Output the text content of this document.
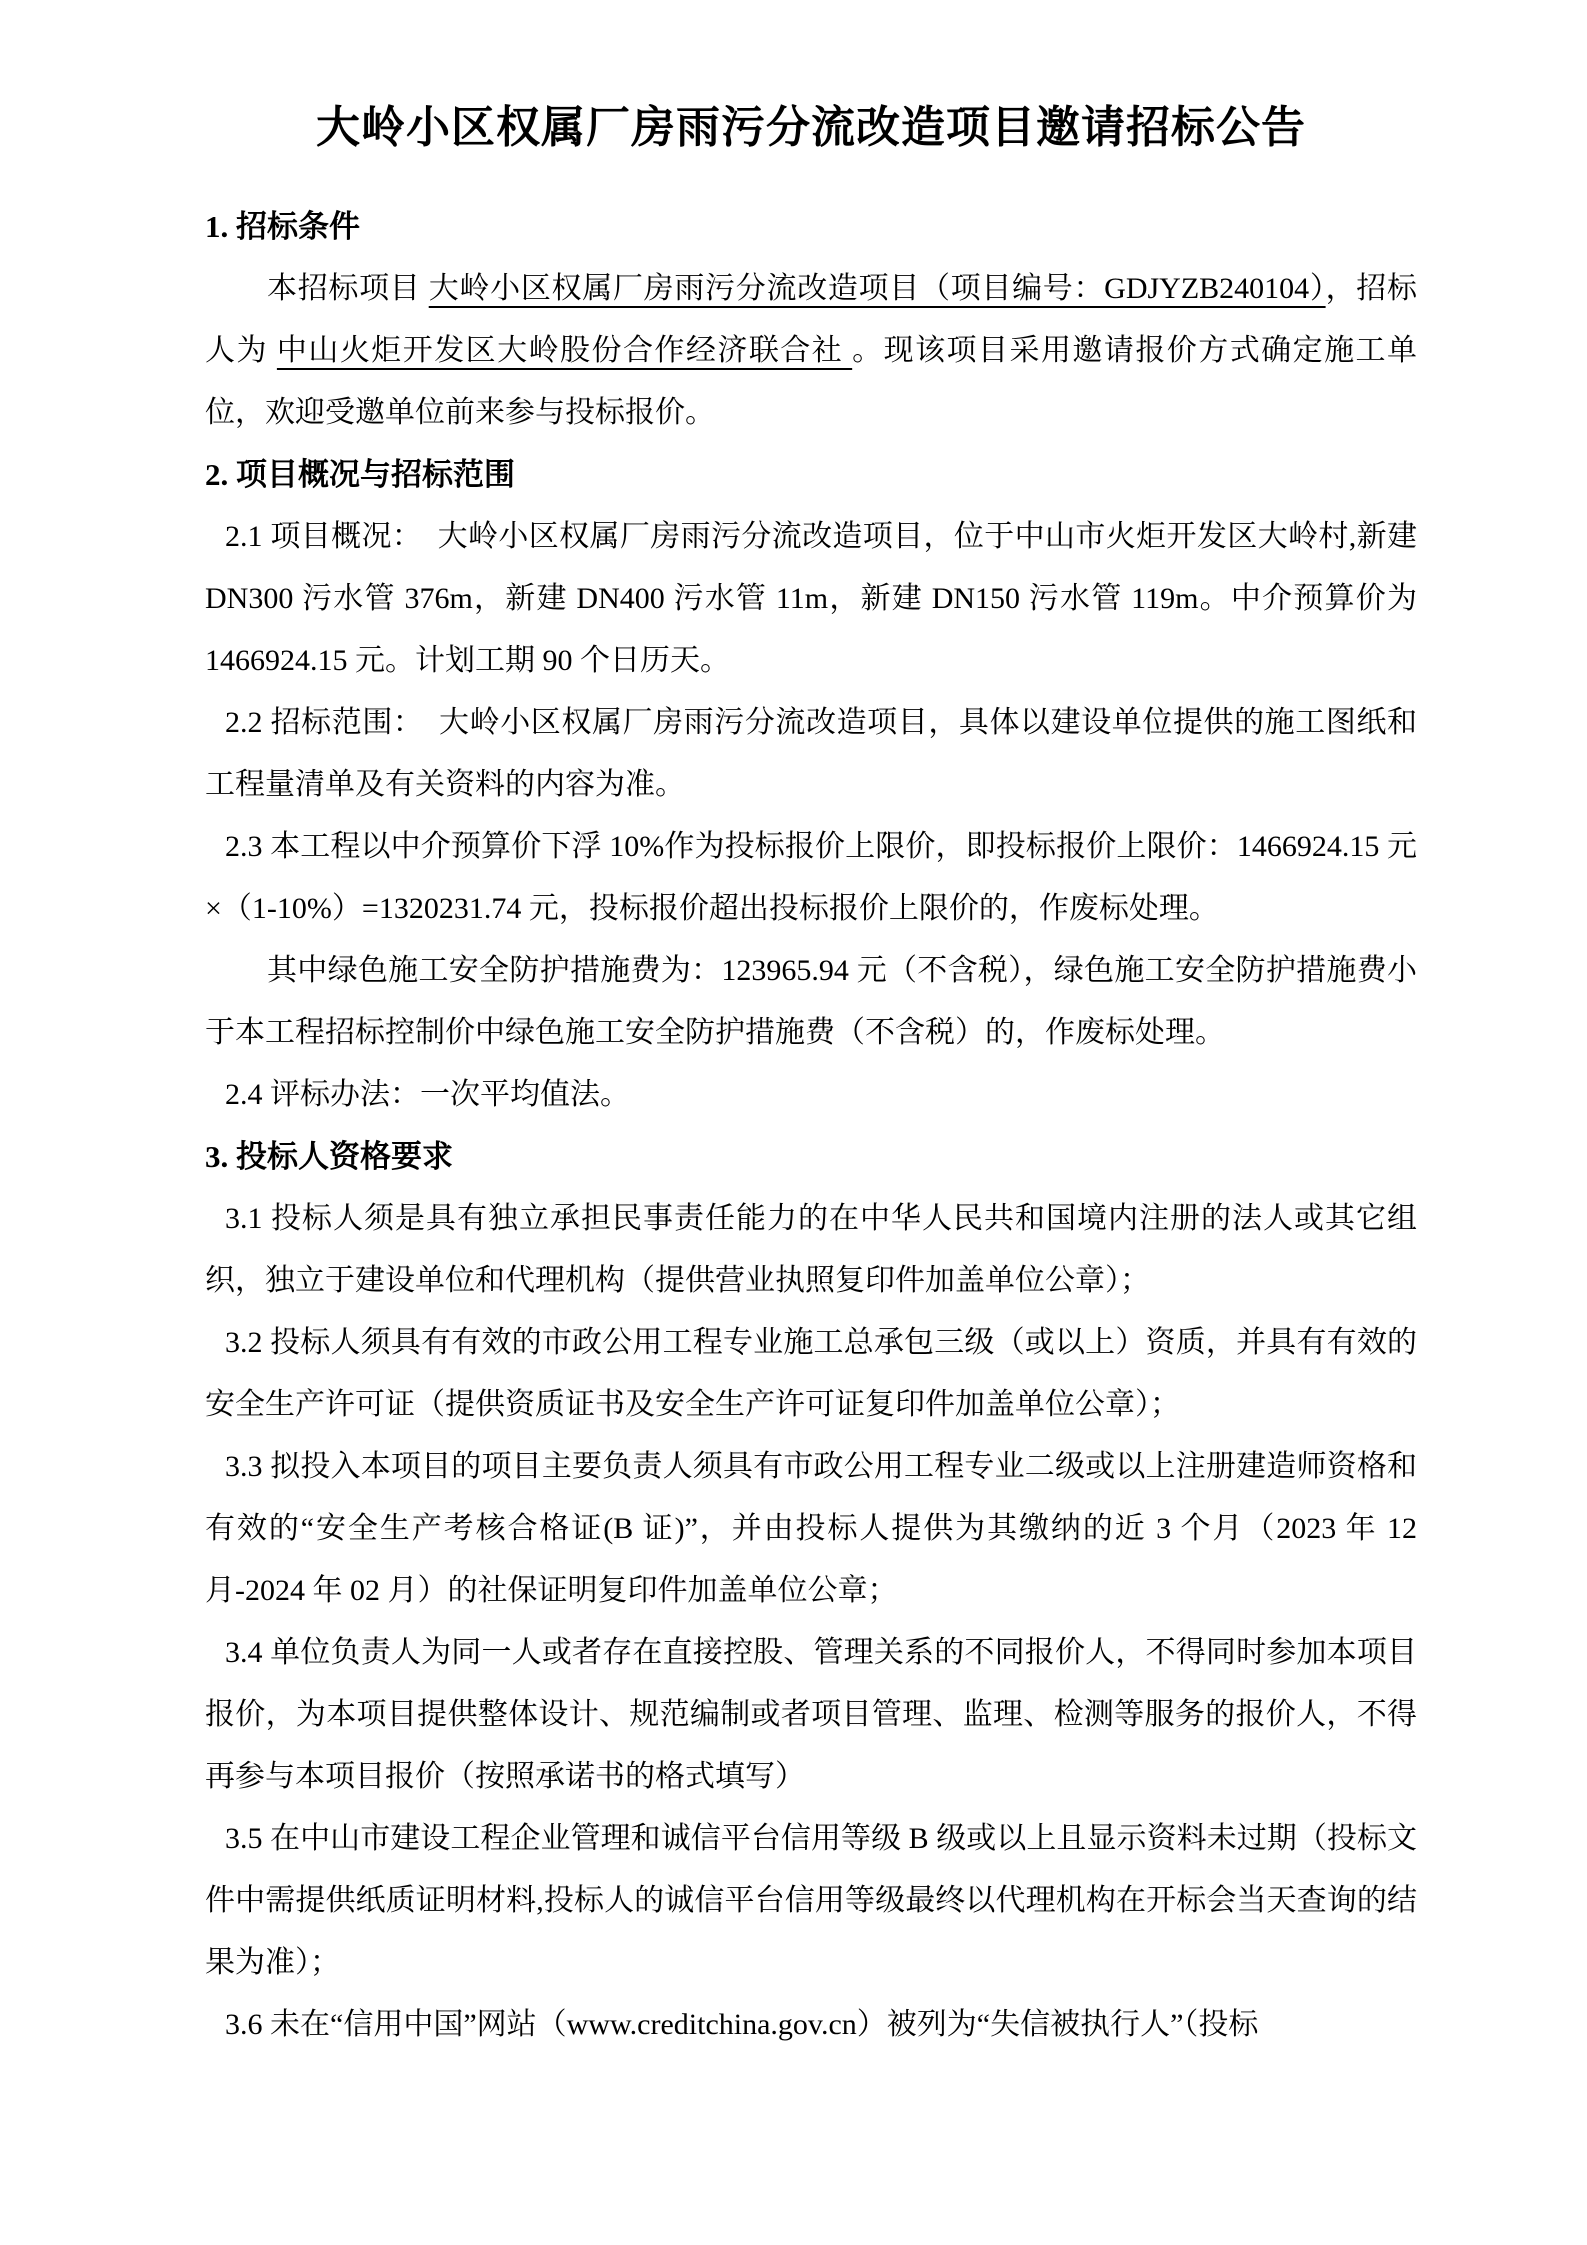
大岭小区权属厂房雨污分流改造项目邀请招标公告
1. 招标条件

本招标项目 大岭小区权属厂房雨污分流改造项目（项目编号：GDJYZB240104），招标人为 中山火炬开发区大岭股份合作经济联合社 。现该项目采用邀请报价方式确定施工单位，欢迎受邀单位前来参与投标报价。

2. 项目概况与招标范围

2.1 项目概况：　大岭小区权属厂房雨污分流改造项目，位于中山市火炬开发区大岭村,新建 DN300 污水管 376m，新建 DN400 污水管 11m，新建 DN150 污水管 119m。中介预算价为 1466924.15 元。计划工期 90 个日历天。

2.2 招标范围：　大岭小区权属厂房雨污分流改造项目，具体以建设单位提供的施工图纸和工程量清单及有关资料的内容为准。

2.3 本工程以中介预算价下浮 10%作为投标报价上限价，即投标报价上限价：1466924.15 元×（1-10%）=1320231.74 元，投标报价超出投标报价上限价的，作废标处理。

其中绿色施工安全防护措施费为：123965.94 元（不含税），绿色施工安全防护措施费小于本工程招标控制价中绿色施工安全防护措施费（不含税）的，作废标处理。

2.4 评标办法：一次平均值法。

3. 投标人资格要求

3.1 投标人须是具有独立承担民事责任能力的在中华人民共和国境内注册的法人或其它组织，独立于建设单位和代理机构（提供营业执照复印件加盖单位公章）；

3.2 投标人须具有有效的市政公用工程专业施工总承包三级（或以上）资质，并具有有效的安全生产许可证（提供资质证书及安全生产许可证复印件加盖单位公章）；

3.3 拟投入本项目的项目主要负责人须具有市政公用工程专业二级或以上注册建造师资格和有效的“安全生产考核合格证(B 证)”，并由投标人提供为其缴纳的近 3 个月（2023 年 12 月-2024 年 02 月）的社保证明复印件加盖单位公章；

3.4 单位负责人为同一人或者存在直接控股、管理关系的不同报价人，不得同时参加本项目报价，为本项目提供整体设计、规范编制或者项目管理、监理、检测等服务的报价人，不得再参与本项目报价（按照承诺书的格式填写）

3.5 在中山市建设工程企业管理和诚信平台信用等级 B 级或以上且显示资料未过期（投标文件中需提供纸质证明材料,投标人的诚信平台信用等级最终以代理机构在开标会当天查询的结果为准）；

3.6 未在“信用中国”网站（www.creditchina.gov.cn）被列为“失信被执行人”（投标
